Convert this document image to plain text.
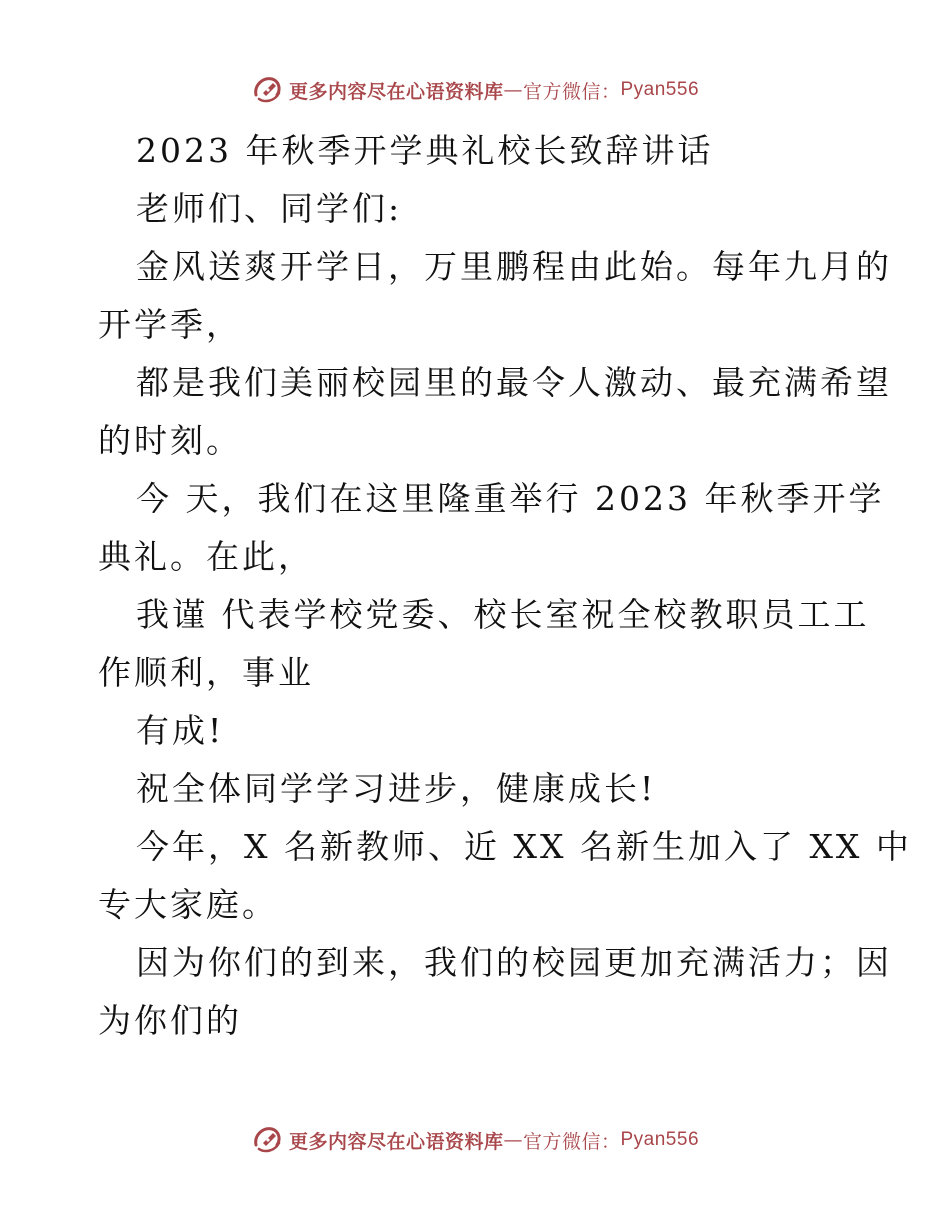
更多内容尽在心语资料库 — 官方微信： Pyan556
2023 年秋季开学典礼校长致辞讲话
老师们、同学们:
金风送爽开学日，万里鹏程由此始。每年九月的
开学季，
都是我们美丽校园里的最令人激动、最充满希望
的时刻。
今 天，我们在这里隆重举行 2023 年秋季开学
典礼。在此，
我谨 代表学校党委、校长室祝全校教职员工工
作顺利，事业
有成!
祝全体同学学习进步，健康成长!
今年，X 名新教师、近 XX 名新生加入了 XX 中
专大家庭。
因为你们的到来，我们的校园更加充满活力；因
为你们的
更多内容尽在心语资料库 — 官方微信： Pyan556
